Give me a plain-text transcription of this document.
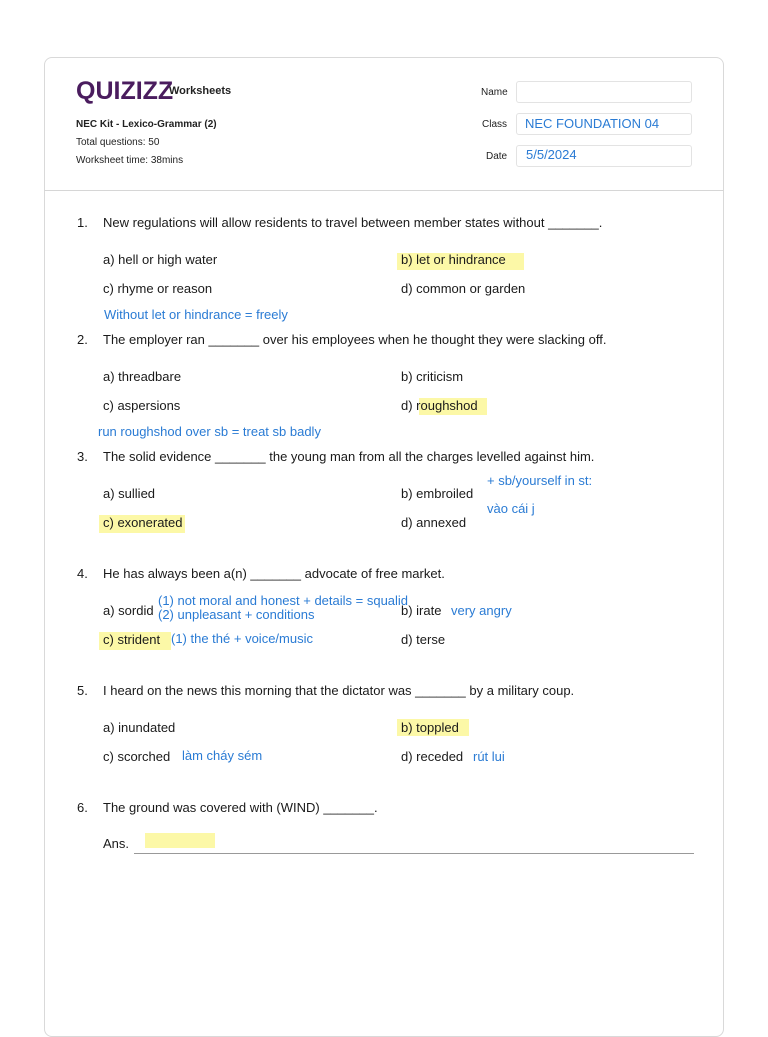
QUIZIZZ
Worksheets
NEC Kit - Lexico-Grammar (2)
Total questions: 50
Worksheet time: 38mins
Name
Class NEC FOUNDATION 04
Date 5/5/2024
1. New regulations will allow residents to travel between member states without _______.
a) hell or high water	b) let or hindrance
c) rhyme or reason	d) common or garden
Without let or hindrance = freely
2. The employer ran _______ over his employees when he thought they were slacking off.
a) threadbare	b) criticism
c) aspersions	d) roughshod
run roughshod over sb = treat sb badly
3. The solid evidence _______ the young man from all the charges levelled against him.
a) sullied	b) embroiled
c) exonerated	d) annexed
+ sb/yourself in st:
vào cái j
4. He has always been a(n) _______ advocate of free market.
a) sordid	b) irate
c) strident	d) terse
(1) not moral and honest + details = squalid
(2) unpleasant + conditions	very angry
(1) the thé + voice/music
5. I heard on the news this morning that the dictator was _______ by a military coup.
a) inundated	b) toppled
c) scorched	d) receded
làm cháy sém	rút lui
6. The ground was covered with (WIND) _______.
Ans.
